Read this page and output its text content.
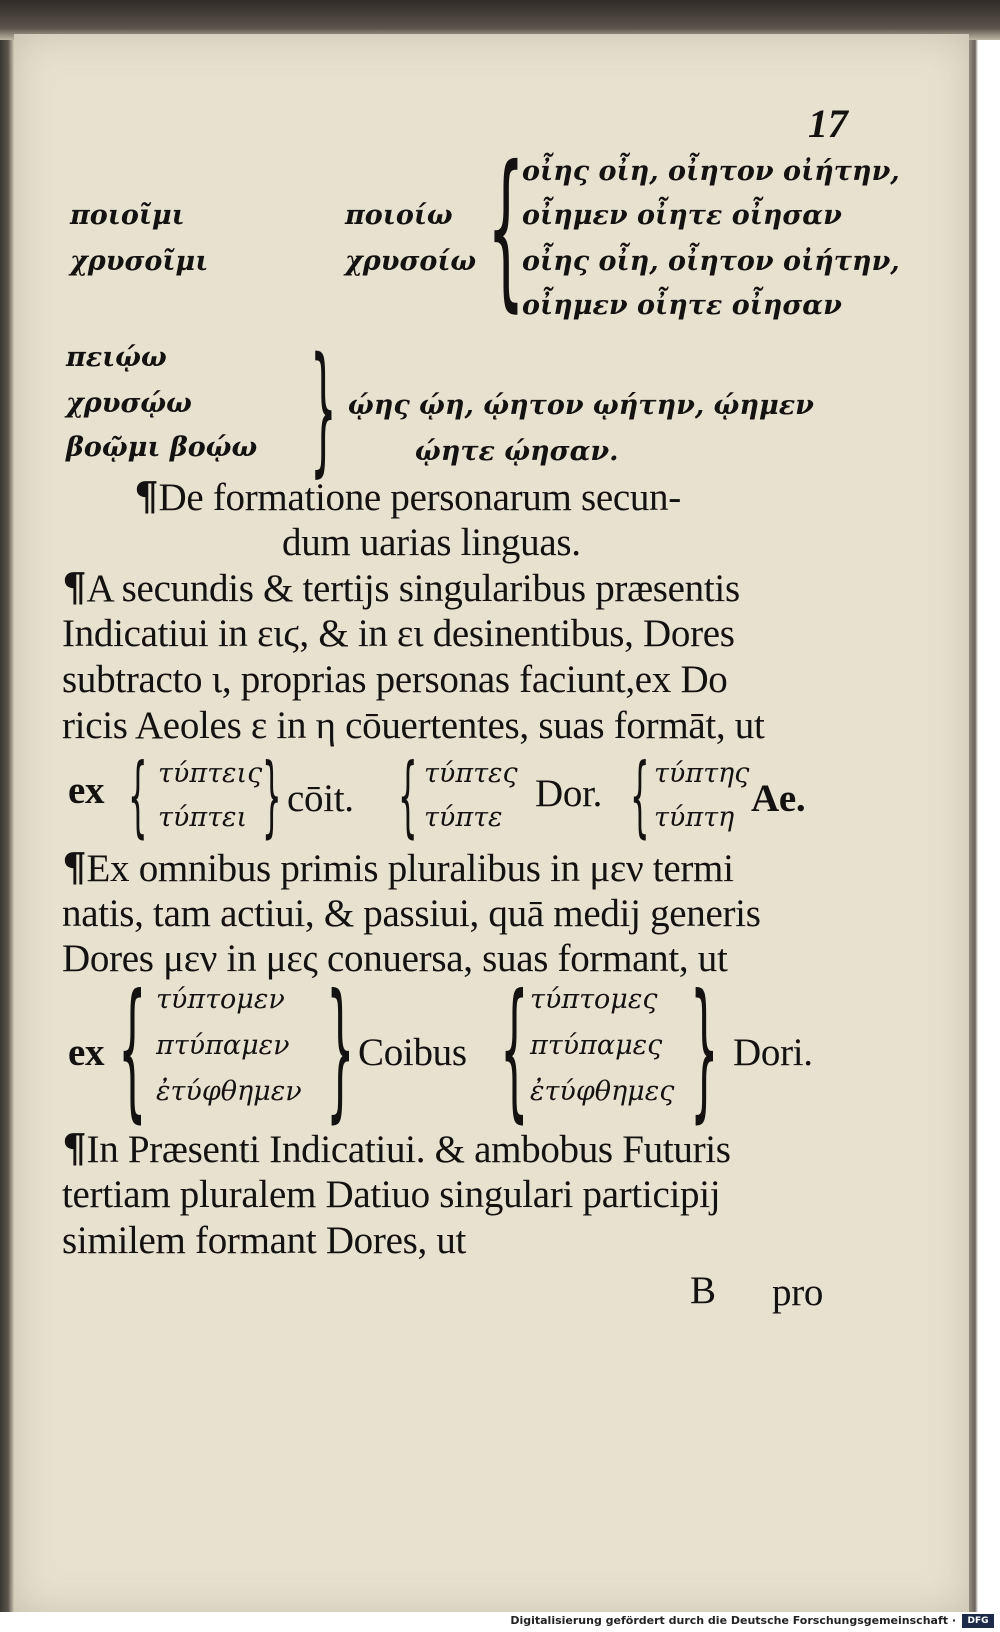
17
ποιοῖμι
χρυσοῖμι
ποιοίω
χρυσοίω {
οἶης οἶη, οἶητον οἰήτην,
οἶημεν οἶητε οἶησαν
οἶης οἶη, οἶητον οἰήτην,
οἶημεν οἶητε οἶησαν
πειῴω
χρυσῴω
βοῷμι βοῴω } ῴης ῴη, ῴητον ῳήτην, ῴημεν
ῴητε ῴησαν.
¶De formatione personarum secun-
dum uarias linguas.
¶A secundis & tertijs singularibus præsentis
Indicatiui in ειϛ, & in ει desinentibus, Dores
subtracto ι, proprias personas faciunt,ex Do
ricis Aeoles ε in η cōuertentes, suas formāt, ut
ex { τύπτεις
τύπτει } cōit. { τύπτες
τύπτε
Dor. { τύπτης
τύπτη Ae.
¶Ex omnibus primis pluralibus in μεν termi
natis, tam actiui, & passiui, quā medij generis
Dores μεν in μες conuersa, suas formant, ut
ex { τύπτομεν
πτύπαμεν
ἐτύφθημεν } Coibus { τύπτομες
πτύπαμες
ἐτύφθημες } Dori.
¶In Præsenti Indicatiui. & ambobus Futuris
tertiam pluralem Datiuo singulari participij
similem formant Dores, ut
B pro
Digitalisierung gefördert durch die Deutsche Forschungsgemeinschaft ·	DFG
